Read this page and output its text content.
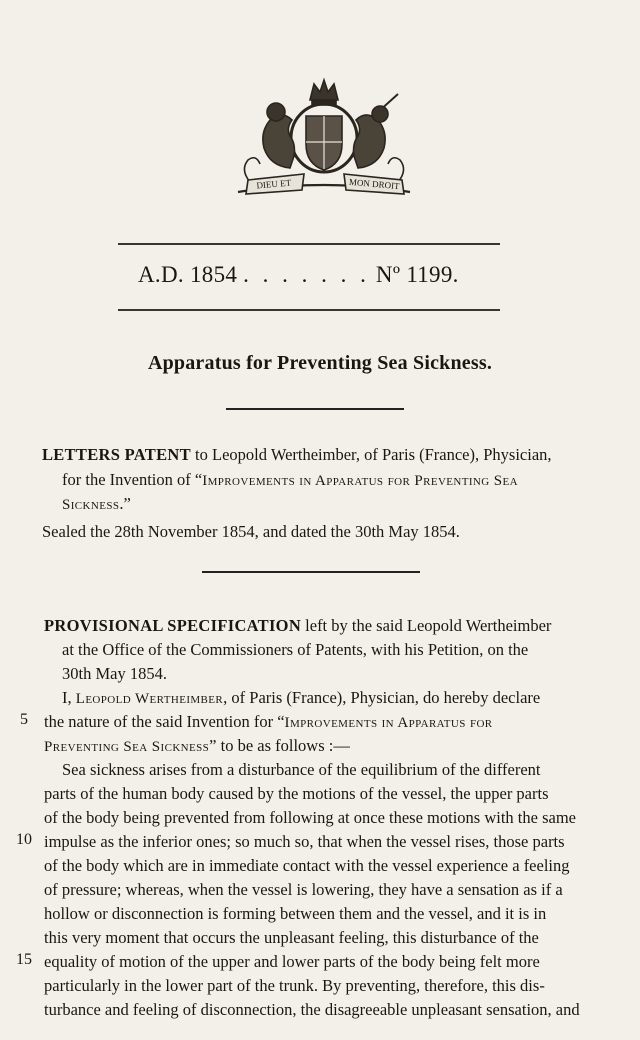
DIEU ET	MON DROIT
A.D. 1854 . . . . . . . Nº 1199.
Apparatus for Preventing Sea Sickness.
LETTERS PATENT to Leopold Wertheimber, of Paris (France), Physician,
for the Invention of “Improvements in Apparatus for Preventing Sea
Sickness.”
Sealed the 28th November 1854, and dated the 30th May 1854.
PROVISIONAL SPECIFICATION left by the said Leopold Wertheimber
at the Office of the Commissioners of Patents, with his Petition, on the
30th May 1854.
I, Leopold Wertheimber, of Paris (France), Physician, do hereby declare
the nature of the said Invention for “Improvements in Apparatus for
Preventing Sea Sickness” to be as follows :—
Sea sickness arises from a disturbance of the equilibrium of the different
parts of the human body caused by the motions of the vessel, the upper parts
of the body being prevented from following at once these motions with the same
impulse as the inferior ones; so much so, that when the vessel rises, those parts
of the body which are in immediate contact with the vessel experience a feeling
of pressure; whereas, when the vessel is lowering, they have a sensation as if a
hollow or disconnection is forming between them and the vessel, and it is in
this very moment that occurs the unpleasant feeling, this disturbance of the
equality of motion of the upper and lower parts of the body being felt more
particularly in the lower part of the trunk. By preventing, therefore, this dis-
turbance and feeling of disconnection, the disagreeable unpleasant sensation, and
5
10
15
